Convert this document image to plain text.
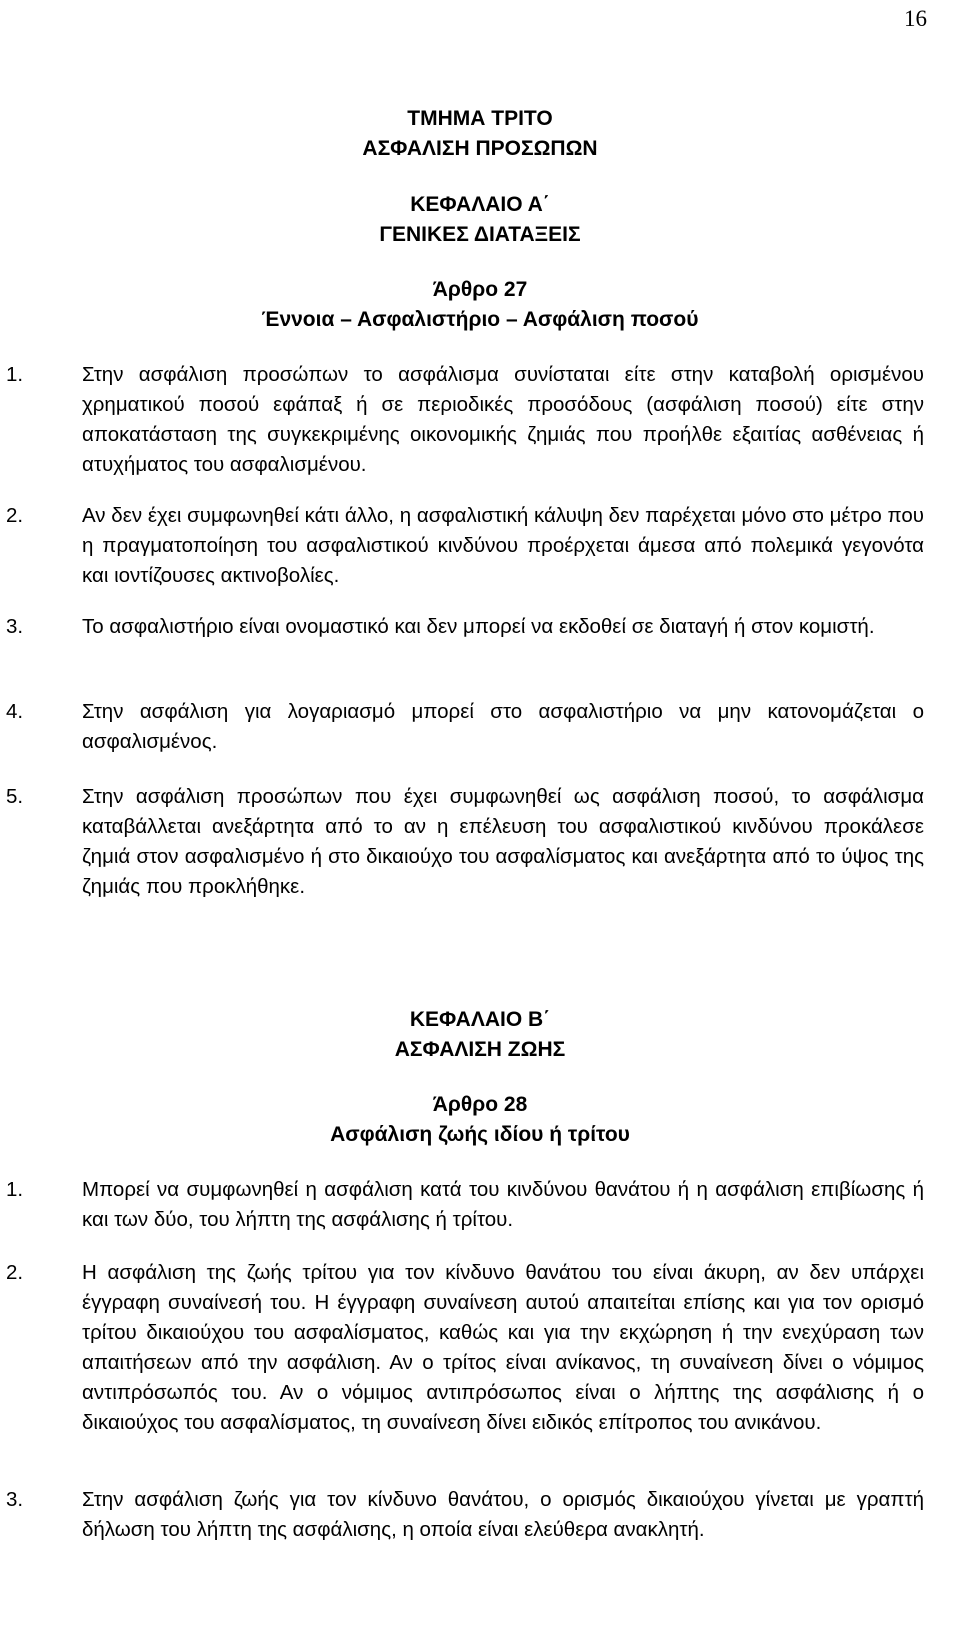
16
ΤΜΗΜΑ ΤΡΙΤΟ
ΑΣΦΑΛΙΣΗ ΠΡΟΣΩΠΩΝ
ΚΕΦΑΛΑΙΟ Α΄
ΓΕΝΙΚΕΣ ΔΙΑΤΑΞΕΙΣ
Άρθρο 27
Έννοια – Ασφαλιστήριο – Ασφάλιση ποσού
1.	Στην ασφάλιση προσώπων το ασφάλισμα συνίσταται είτε στην καταβολή ορισμένου χρηματικού ποσού εφάπαξ ή σε περιοδικές προσόδους (ασφάλιση ποσού) είτε στην αποκατάσταση της συγκεκριμένης οικονομικής ζημιάς που προήλθε εξαιτίας ασθένειας ή ατυχήματος του ασφαλισμένου.
2.	Αν δεν έχει συμφωνηθεί κάτι άλλο, η ασφαλιστική κάλυψη δεν παρέχεται μόνο στο μέτρο που η πραγματοποίηση του ασφαλιστικού κινδύνου προέρχεται άμεσα από πολεμικά γεγονότα και ιοντίζουσες ακτινοβολίες.
3.	Το ασφαλιστήριο είναι ονομαστικό και δεν μπορεί να εκδοθεί σε διαταγή ή στον κομιστή.
4.	Στην ασφάλιση για λογαριασμό μπορεί στο ασφαλιστήριο να μην κατονομάζεται ο ασφαλισμένος.
5.	Στην ασφάλιση προσώπων που έχει συμφωνηθεί ως ασφάλιση ποσού, το ασφάλισμα καταβάλλεται ανεξάρτητα από το αν η επέλευση του ασφαλιστικού κινδύνου προκάλεσε ζημιά στον ασφαλισμένο ή στο δικαιούχο του ασφαλίσματος και ανεξάρτητα από το ύψος της ζημιάς που προκλήθηκε.
ΚΕΦΑΛΑΙΟ Β΄
ΑΣΦΑΛΙΣΗ ΖΩΗΣ
Άρθρο 28
Ασφάλιση ζωής ιδίου ή τρίτου
1.	Μπορεί να συμφωνηθεί η ασφάλιση κατά του κινδύνου θανάτου ή η ασφάλιση επιβίωσης ή και των δύο, του λήπτη της ασφάλισης ή τρίτου.
2.	Η ασφάλιση της ζωής τρίτου για τον κίνδυνο θανάτου του είναι άκυρη, αν δεν υπάρχει έγγραφη συναίνεσή του. Η έγγραφη συναίνεση αυτού απαιτείται επίσης και για τον ορισμό τρίτου δικαιούχου του ασφαλίσματος, καθώς και για την εκχώρηση ή την ενεχύραση των απαιτήσεων από την ασφάλιση. Αν ο τρίτος είναι ανίκανος, τη συναίνεση δίνει ο νόμιμος αντιπρόσωπός του. Αν ο νόμιμος αντιπρόσωπος είναι ο λήπτης της ασφάλισης ή ο δικαιούχος του ασφαλίσματος, τη συναίνεση δίνει ειδικός επίτροπος του ανικάνου.
3.	Στην ασφάλιση ζωής για τον κίνδυνο θανάτου, ο ορισμός δικαιούχου γίνεται με γραπτή δήλωση του λήπτη της ασφάλισης, η οποία είναι ελεύθερα ανακλητή.
